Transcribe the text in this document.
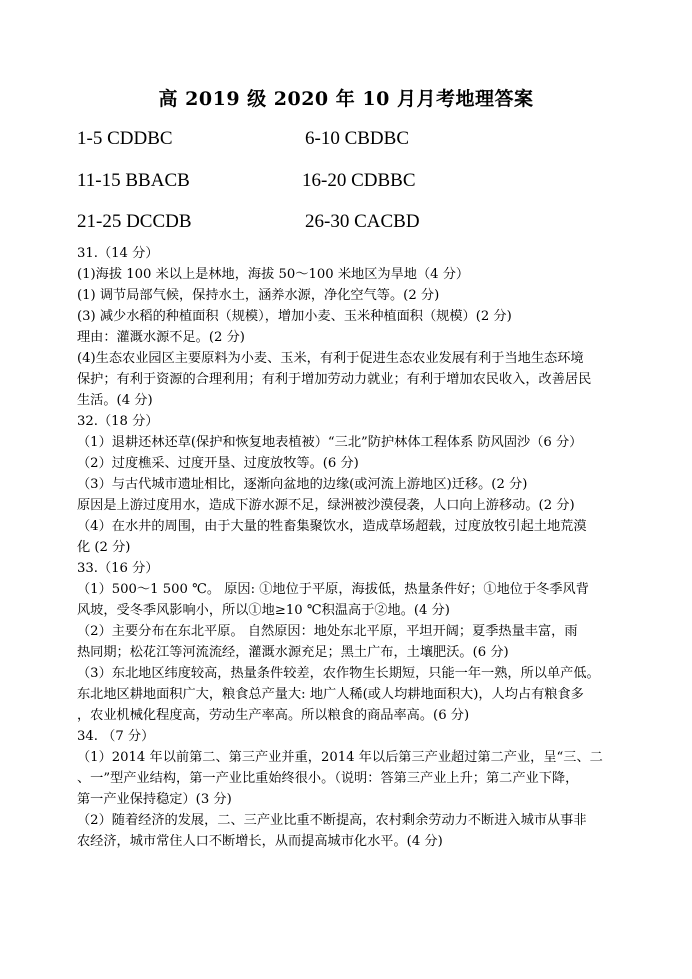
高 2019 级 2020 年 10 月月考地理答案
1-5 CDDBC	6-10 CBDBC
11-15 BBACB	16-20 CDBBC
21-25 DCCDB	26-30 CACBD
31.（14 分）
(1)海拔 100 米以上是林地，海拔 50～100 米地区为旱地（4 分）
(1) 调节局部气候，保持水土，涵养水源，净化空气等。(2 分)
(3) 减少水稻的种植面积（规模），增加小麦、玉米种植面积（规模）(2 分)
理由：灌溉水源不足。(2 分)
(4)生态农业园区主要原料为小麦、玉米，有利于促进生态农业发展有利于当地生态环境
保护；有利于资源的合理利用；有利于增加劳动力就业；有利于增加农民收入，改善居民
生活。(4 分)
32.（18 分）
（1）退耕还林还草(保护和恢复地表植被）“三北”防护林体工程体系 防风固沙（6 分）
（2）过度樵采、过度开垦、过度放牧等。(6 分)
（3）与古代城市遗址相比，逐渐向盆地的边缘(或河流上游地区)迁移。(2 分)
原因是上游过度用水，造成下游水源不足，绿洲被沙漠侵袭，人口向上游移动。(2 分)
（4）在水井的周围，由于大量的牲畜集聚饮水，造成草场超载，过度放牧引起土地荒漠
化 (2 分)
33.（16 分）
（1）500～1 500 ℃。 原因: ①地位于平原，海拔低，热量条件好；①地位于冬季风背
风坡，受冬季风影响小，所以①地≥10 ℃积温高于②地。(4 分)
（2）主要分布在东北平原。 自然原因：地处东北平原，平坦开阔；夏季热量丰富，雨
热同期；松花江等河流流经，灌溉水源充足；黑土广布，土壤肥沃。(6 分)
（3）东北地区纬度较高，热量条件较差，农作物生长期短，只能一年一熟，所以单产低。
东北地区耕地面积广大，粮食总产量大: 地广人稀(或人均耕地面积大)，人均占有粮食多
，农业机械化程度高，劳动生产率高。所以粮食的商品率高。(6 分)
34. （7 分）
（1）2014 年以前第二、第三产业并重，2014 年以后第三产业超过第二产业，呈“三、二
、一”型产业结构，第一产业比重始终很小。（说明：答第三产业上升；第二产业下降，
第一产业保持稳定）(3 分)
（2）随着经济的发展，二、三产业比重不断提高，农村剩余劳动力不断进入城市从事非
农经济，城市常住人口不断增长，从而提高城市化水平。(4 分)
